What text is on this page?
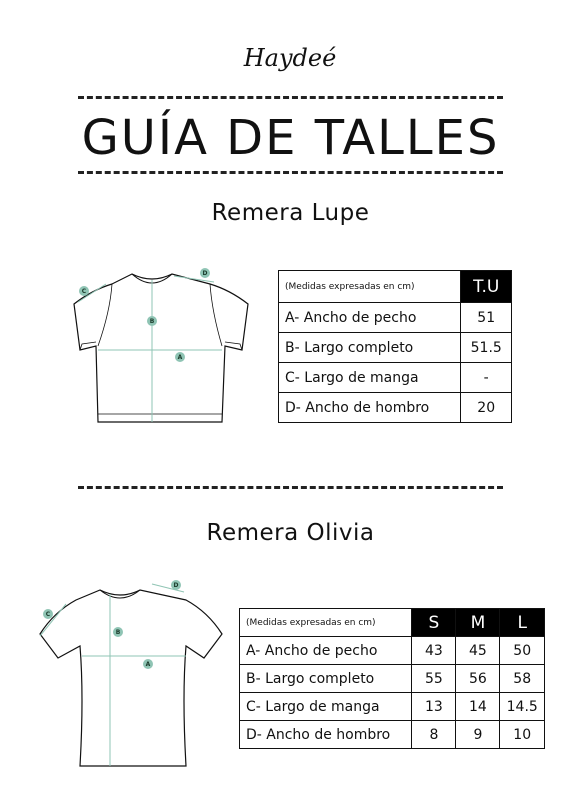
Haydeé
GUÍA DE TALLES
Remera Lupe
A
B
C
D
(Medidas expresadas en cm)	T.U
A- Ancho de pecho	51
B- Largo completo	51.5
C- Largo de manga	-
D- Ancho de hombro	20
Remera Olivia
A
B
C
D
(Medidas expresadas en cm)	S	M	L
A- Ancho de pecho	43	45	50
B- Largo completo	55	56	58
C- Largo de manga	13	14	14.5
D- Ancho de hombro	8	9	10
